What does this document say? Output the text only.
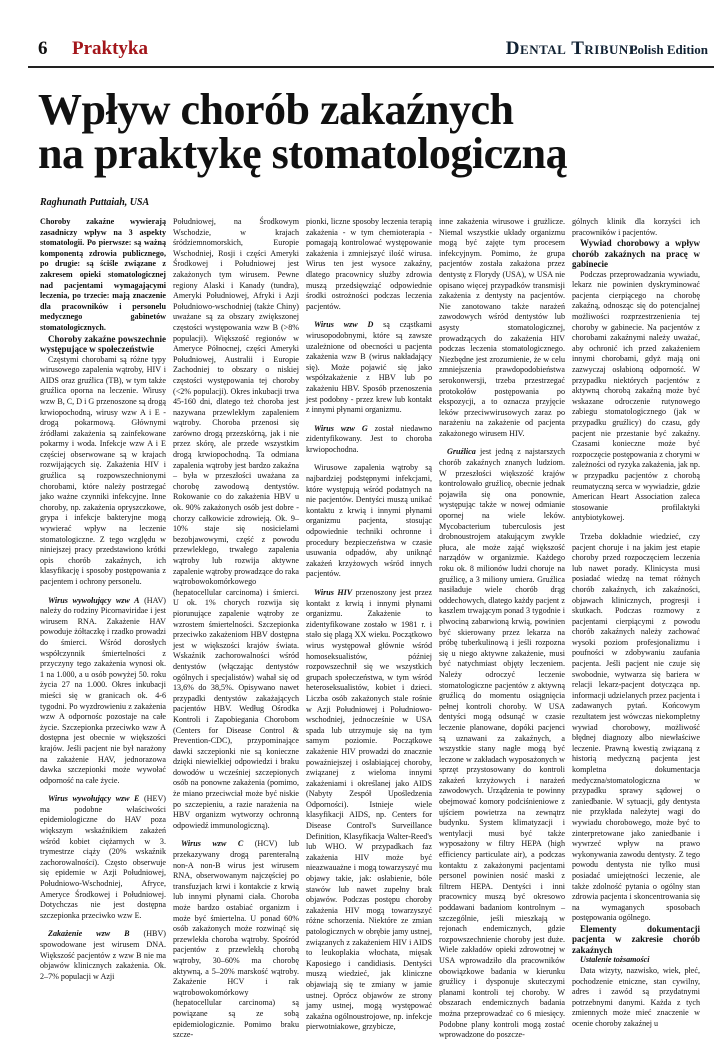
6 Praktyka	Dental Tribune
Polish Edition
Wpływ chorób zakaźnych
na praktykę stomatologiczną
Raghunath Puttaiah, USA

Choroby zakaźne wywierają zasadniczy wpływ na 3 aspekty stomatologii. Po pierwsze: są ważną komponentą zdrowia publicznego, po drugie: są ściśle związane z zakresem opieki stomatologicznej nad pacjentami wymagającymi leczenia, po trzecie: mają znaczenie dla pracowników i personelu medycznego gabinetów stomatologicznych.

Choroby zakaźne powszechnie występujące w społeczeństwie

Częstymi chorobami są różne typy wirusowego zapalenia wątroby, HIV i AIDS oraz gruźlica (TB), w tym także gruźlica oporna na leczenie. Wirusy wzw B, C, D i G przenoszone są drogą krwiopochodną, wirusy wzw A i E - drogą pokarmową. Głównymi źródłami zakażenia są zainfekowane pokarmy i woda. Infekcje wzw A i E częściej obserwowane są w krajach rozwijających się. Zakażenia HIV i gruźlica są rozpowszechnionymi chorobami, które należy postrzegać jako ważne czynniki infekcyjne. Inne choroby, np. zakażenia opryszczkowe, grypa i infekcje bakteryjne mogą wywierać wpływ na leczenie stomatologiczne. Z tego względu w niniejszej pracy przedstawiono krótki opis chorób zakaźnych, ich klasyfikację i sposoby postępowania z pacjentem i ochrony personelu.

Wirus wywołujący wzw A (HAV) należy do rodziny Picornaviridae i jest wirusem RNA. Zakażenie HAV powoduje żółtaczkę i rzadko prowadzi do śmierci. Wśród dorosłych współczynnik śmiertelności z przyczyny tego zakażenia wynosi ok. 1 na 1.000, a u osób powyżej 50. roku życia 27 na 1.000. Okres inkubacji mieści się w granicach ok. 4-6 tygodni. Po wyzdrowieniu z zakażenia wzw A odpornośc pozostaje na całe życie. Szczepionka przeciwko wzw A dostępna jest obecnie w większości krajów. Jeśli pacjent nie był narażony na zakażenie HAV, jednorazowa dawka szczepionki może wywołać odporność na całe życie.

Wirus wywołujący wzw E (HEV) ma podobne właściwości epidemiologiczne do HAV poza większym wskaźnikiem zakażeń wśród kobiet ciężarnych w 3. trymestrze ciąży (20% wskaźnik zachorowalności). Często obserwuje się epidemie w Azji Południowej, Południowo-Wschodniej, Afryce, Ameryce Środkowej i Południowej. Dotychczas nie jest dostępna szczepionka przeciwko wzw E.

Zakażenie wzw B (HBV) spowodowane jest wirusem DNA. Większość pacjentów z wzw B nie ma objawów klinicznych zakażenia. Ok. 2–7% populacji w Azji

Południowej, na Środkowym Wschodzie, w krajach śródziemnomorskich, Europie Wschodniej, Rosji i części Ameryki Środkowej i Południowej jest zakażonych tym wirusem. Pewne regiony Alaski i Kanady (tundra), Ameryki Południowej, Afryki i Azji Południowo-wschodniej (także Chiny) uważane są za obszary zwiększonej częstości występowania wzw B (>8% populacji). Większość regionów w Ameryce Północnej, części Ameryki Południowej, Australii i Europie Zachodniej to obszary o niskiej częstości występowania tej choroby (<2% populacji). Okres inkubacji trwa 45-160 dni, dlatego też choroba jest nazywana przewlekłym zapaleniem wątroby. Choroba przenosi się zarówno drogą przezskórną, jak i nie przez skórę, ale przede wszystkim drogą krwiopochodną. Ta odmiana zapalenia wątroby jest bardzo zakaźna – była w przeszłości uważana za chorobę zawodową dentystów. Rokowanie co do zakażenia HBV u ok. 90% zakażonych osób jest dobre - chorzy całkowicie zdrowieją. Ok. 9–10% staje się nosicielami bezobjawowymi, część z powodu przewlekłego, trwałego zapalenia wątroby lub rozwija aktywne zapalenie wątroby prowadzące do raka wątrobowokomórkowego (hepatocellular carcinoma) i śmierci. U ok. 1% chorych rozwija się piorunujące zapalenie wątroby ze wzrostem śmiertelności. Szczepionka przeciwko zakażeniom HBV dostępna jest w większości krajów świata. Wskaźnik zachorowalności wśród dentystów (włączając dentystów ogólnych i specjalistów) wahał się od 13,6% do 38,5%. Opisywano nawet przypadki dentystów zakażających pacjentów HBV. Według Ośrodka Kontroli i Zapobiegania Chorobom (Centers for Disease Control & Prevention-CDC), przypominające dawki szczepionki nie są konieczne dzięki niewielkiej odpowiedzi i braku dowodów u wcześniej szczepionych osób na ponowne zakażenia (pomimo, że miano przeciwciał może być niskie po szczepieniu, a razie narażenia na HBV organizm wytworzy ochronną odpowiedź immunologiczną).

Wirus wzw C (HCV) lub przekazywany drogą parenteralną non-A non-B wirus jest wirusem RNA, obserwowanym najczęściej po transfuzjach krwi i kontakcie z krwią lub innymi płynami ciała. Choroba może bardzo ostabiać organizm i może być śmiertelna. U ponad 60% osób zakażonych może rozwinąć się przewlekła choroba wątroby. Spośród pacjentów z przewlekłą chorobą wątroby, 30–60% ma chorobę aktywną, a 5–20% marskość wątroby. Zakażenie HCV i rak wątrobowokomórkowy (hepatocellular carcinoma) są powiązane są ze sobą epidemiologicznie. Pomimo braku szcze-

pionki, liczne sposoby leczenia terapią zakażenia - w tym chemioterapia - pomagają kontrolować występowanie zakażenia i zmniejszyć ilość wirusa. Wirus ten jest wysoce zakaźny, dlatego pracownicy służby zdrowia muszą przedsięwziąć odpowiednie środki ostrożności podczas leczenia pacjentów.

Wirus wzw D są cząstkami wirusopodobnymi, które są zawsze uzależnione od obecności u pacjenta zakażenia wzw B (wirus nakładający się). Może pojawić się jako współzakażenie z HBV lub po zakażeniu HBV. Sposób przenoszenia jest podobny - przez krew lub kontakt z innymi płynami organizmu.

Wirus wzw G został niedawno zidentyfikowany. Jest to choroba krwiopochodna.

Wirusowe zapalenia wątroby są najbardziej podstępnymi infekcjami, które występują wśród podatnych na nie pacjentów. Dentyści muszą unikać kontaktu z krwią i innymi płynami organizmu pacjenta, stosując odpowiednie techniki ochronne i procedury bezpieczeństwa w czasie usuwania odpadów, aby uniknąć zakażeń krzyżowych wśród innych pacjentów.

Wirus HIV przenoszony jest przez kontakt z krwią i innymi płynami organizmu. Zakażenie to zidentyfikowane zostało w 1981 r. i stało się plagą XX wieku. Początkowo wirus występował głównie wśród homoseksualistów, później rozpowszechnił się we wszystkich grupach społeczeństwa, w tym wśród heteroseksualistów, kobiet i dzieci. Liczba osób zakażonych stale rośnie w Azji Południowej i Południowo-wschodniej, jednocześnie w USA spada lub utrzymuje się na tym samym poziomie. Początkowe zakażenie HIV prowadzi do znacznie powaźniejszej i osłabiającej choroby, związanej z wieloma innymi zakażeniami i określanej jako AIDS (Nabyty Zespół Upośledzenia Odporności). Istnieje wiele klasyfikacji AIDS, np. Centers for Disease Control's Surveillance Definition, Klasyfikacja Walter-Reed's lub WHO. W przypadkach faz zakażenia HIV może być nieazwauażne i mogą towarzyszyć mu objawy takie, jak: osłabienie, bóle stawów lub nawet zupełny brak objawów. Podczas postępu choroby zakażenia HIV mogą towarzyszyć różne schorzenia. Niektóre ze zmian patologicznych w obrębie jamy ustnej, związanych z zakażeniem HIV i AIDS to leukoplakia włochata, mięsak Kaposiego i candidiasis. Dentyści muszą wiedzieć, jak kliniczne objawiają się te zmiany w jamie ustnej. Oprócz objawów ze strony jamy ustnej, mogą występować zakaźna ogólnoustrojowe, np. infekcje pierwotniakowe, grzybicze,

inne zakażenia wirusowe i grużlicze. Niemal wszystkie układy organizmu mogą być zajęte tym procesem infekcyjnym. Pomimo, że grupa pacjentów została zakażona przez dentystę z Florydy (USA), w USA nie opisano więcej przypadków transmisji zakażenia z dentysty na pacjentów. Nie zanotowano także narażeń zawodowych wśród dentystów lub asysty stomatologicznej, prowadzących do zakażenia HIV podczas leczenia stomatologicznego. Niezbędne jest zrozumienie, że w celu zmniejszenia prawdopodobieństwa serokonwersji, trzeba przestrzegać protokołów postępowania po ekspozycji, a to oznacza przyjęcie leków przeciwwirusowych zaraz po narażeniu na zakażenie od pacjenta zakażonego wirusem HIV.

Gruźlica jest jedną z najstarszych chorób zakaźnych znanych ludziom. W przeszłości większość krajów kontrolowało gruźlicę, obecnie jednak pojawiła się ona ponownie, występując także w nowej odmianie opornej na wiele leków. Mycobacterium tuberculosis jest drobnoustrojem atakującym zwykle płuca, ale może zająć większość narządów w organizmie. Każdego roku ok. 8 milionów ludzi choruje na gruźlicę, a 3 miliony umiera. Gruźlica nasiładuje wiele chorób drąg oddechowych, dlatego każdy pacjent z kaszlem trwającym ponad 3 tygodnie i plwociną zabarwioną krwią, powinien być skierowany przez lekarza na próbę tuberkulinową i jeśli rozpozna się u niego aktywne zakażenie, musi być natychmiast objęty leczeniem. Należy odroczyć leczenie stomatologiczne pacjentów z aktywną gruźlicą do momentu osiągnięcia pełnej kontroli choroby. W USA dentyści mogą odsunąć w czasie leczenie planowane, dopóki pacjenci są uznawani za zakaźnych, a wszystkie stany nagłe mogą być leczone w zakładach wyposażonych w sprzęt przystosowany do kontroli zakażeń krzyżowych i narażeń zawodowych. Urządzenia te powinny obejmować komory podciśnieniowe z ujściem powietrza na zewnątrz budynku. System klimatyzacji i wentylacji musi być także wyposażony w filtry HEPA (high efficiency particulate air), a podczas kontaktu z zakażonymi pacjentami personel powinien nosić maski z filtrem HEPA. Dentyści i inni pracownicy muszą być okresowo poddawani badaniom kontrolnym – szczególnie, jeśli mieszkają w rejonach endemicznych, gdzie rozpowszechnienie choroby jest duże. Wiele zakładów opieki zdrowotnej w USA wprowadziło dla pracowników obowiązkowe badania w kierunku gruźlicy i dysponuje skuteczymi planami kontroli tej choroby. W obszarach endemicznych badania można przeprowadzać co 6 miesięcy. Podobne plany kontroli mogą zostać wprowadzone do poszcze-

gólnych klinik dla korzyści ich pracowników i pacjentów.

Wywiad chorobowy a wpływ chorób zakaźnych na pracę w gabinecie

Podczas przeprowadzania wywiadu, lekarz nie powinien dyskryminować pacjenta cierpiącego na chorobę zakaźną, odnosząc się do potencjalnej możliwości rozprzestrzenienia tej choroby w gabinecie. Na pacjentów z chorobami zakaźnymi należy uważać, aby ochronić ich przed zakażeniem innymi chorobami, gdyż mają oni zazwyczaj osłabioną odporność. W przypadku niektórych pacjentów z aktywną chorobą zakaźną może być wskazane odroczenie rutynowego zabiegu stomatologicznego (jak w przypadku gruźlicy) do czasu, gdy pacjent nie przestanie być zakaźny. Czasami konieczne może być rozpoczęcie postępowania z chorymi w zależności od ryzyka zakażenia, jak np. w przypadku pacjentów z chorobą reumatyczną serca w wywiadzie, gdzie American Heart Association zaleca stosowanie profilaktyki antybiotykowej.

Trzeba dokładnie wiedzieć, czy pacjent choruje i na jakim jest etapie choroby przed rozpoczęciem leczenia lub nawet porady. Klinicysta musi posiadać wiedzę na temat różnych chorób zakaźnych, ich zakaźności, objawach klinicznych, progresji i skutkach. Podczas rozmowy z pacjentami cierpiącymi z powodu chorób zakaźnych należy zachować wysoki poziom profesjonalizmu i poufności w zdobywaniu zaufania pacjenta. Jeśli pacjent nie czuje się swobodnie, wytwarza się bariera w relacji lekarz-pacjent dotycząca np. informacji udzielanych przez pacjenta i zadawanych pytań. Końcowym rezultatem jest wówczas niekompletny wywiad chorobowy, możliwość błędnej diagnozy albo niewłaściwe leczenie. Prawną kwestią związaną z historią medyczną pacjenta jest kompletna dokumentacja medyczna/stomatologiczna w przypadku sprawy sądowej o zaniedbanie. W sytuacji, gdy dentysta nie przykłada należytej wagi do wywiadu chorobowego, może być to zinterpretowane jako zaniedbanie i wywrzeć wpływ na prawo wykonywania zawodu dentysty. Z tego powodu dentysta nie tylko musi posiadać umiejętności leczenie, ale także zdolność pytania o ogólny stan zdrowia pacjenta i skoncentrowania się na wymaganych sposobach postępowania ogólnego.

Elementy dokumentacji pacjenta w zakresie chorób zakaźnych

Ustalenie tożsamości

Data wizyty, nazwisko, wiek, płeć, pochodzenie etniczne, stan cywilny, adres i zawód są przydatnymi potrzebnymi danymi. Każda z tych zmiennych może mieć znaczenie w ocenie choroby zakaźnej u
